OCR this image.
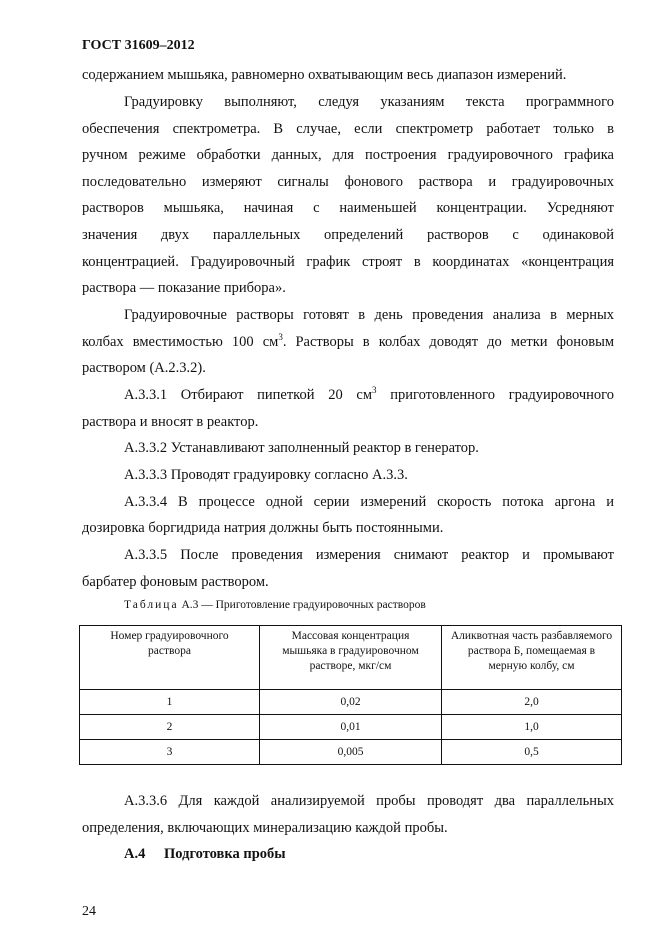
ГОСТ 31609–2012
содержанием мышьяка, равномерно охватывающим весь диапазон измерений.
Градуировку выполняют, следуя указаниям текста программного
обеспечения спектрометра. В случае, если спектрометр работает только в
ручном режиме обработки данных, для построения градуировочного графика
последовательно измеряют сигналы фонового раствора и градуировочных
растворов мышьяка, начиная с наименьшей концентрации. Усредняют
значения двух параллельных определений растворов с одинаковой
концентрацией. Градуировочный график строят в координатах «концентрация
раствора — показание прибора».
Градуировочные растворы готовят в день проведения анализа в мерных
колбах вместимостью 100 $см^3$. Растворы в колбах доводят до метки фоновым
раствором (А.2.3.2).
А.3.3.1 Отбирают пипеткой 20 $см^3$ приготовленного градуировочного
раствора и вносят в реактор.
А.3.3.2 Устанавливают заполненный реактор в генератор.
А.3.3.3 Проводят градуировку согласно А.3.3.
А.3.3.4 В процессе одной серии измерений скорость потока аргона и
дозировка боргидрида натрия должны быть постоянными.
А.3.3.5 После проведения измерения снимают реактор и промывают
барбатер фоновым раствором.
Таблица А.3 — Приготовление градуировочных растворов
Номер градуировочного раствора	Массовая концентрация мышьяка в градуировочном растворе, мкг/см	Аликвотная часть разбавляемого раствора Б, помещаемая в мерную колбу, см

1	0,02	2,0
2	0,01	1,0
3	0,005	0,5
А.3.3.6 Для каждой анализируемой пробы проводят два параллельных
определения, включающих минерализацию каждой пробы.
А.4 Подготовка пробы
24
